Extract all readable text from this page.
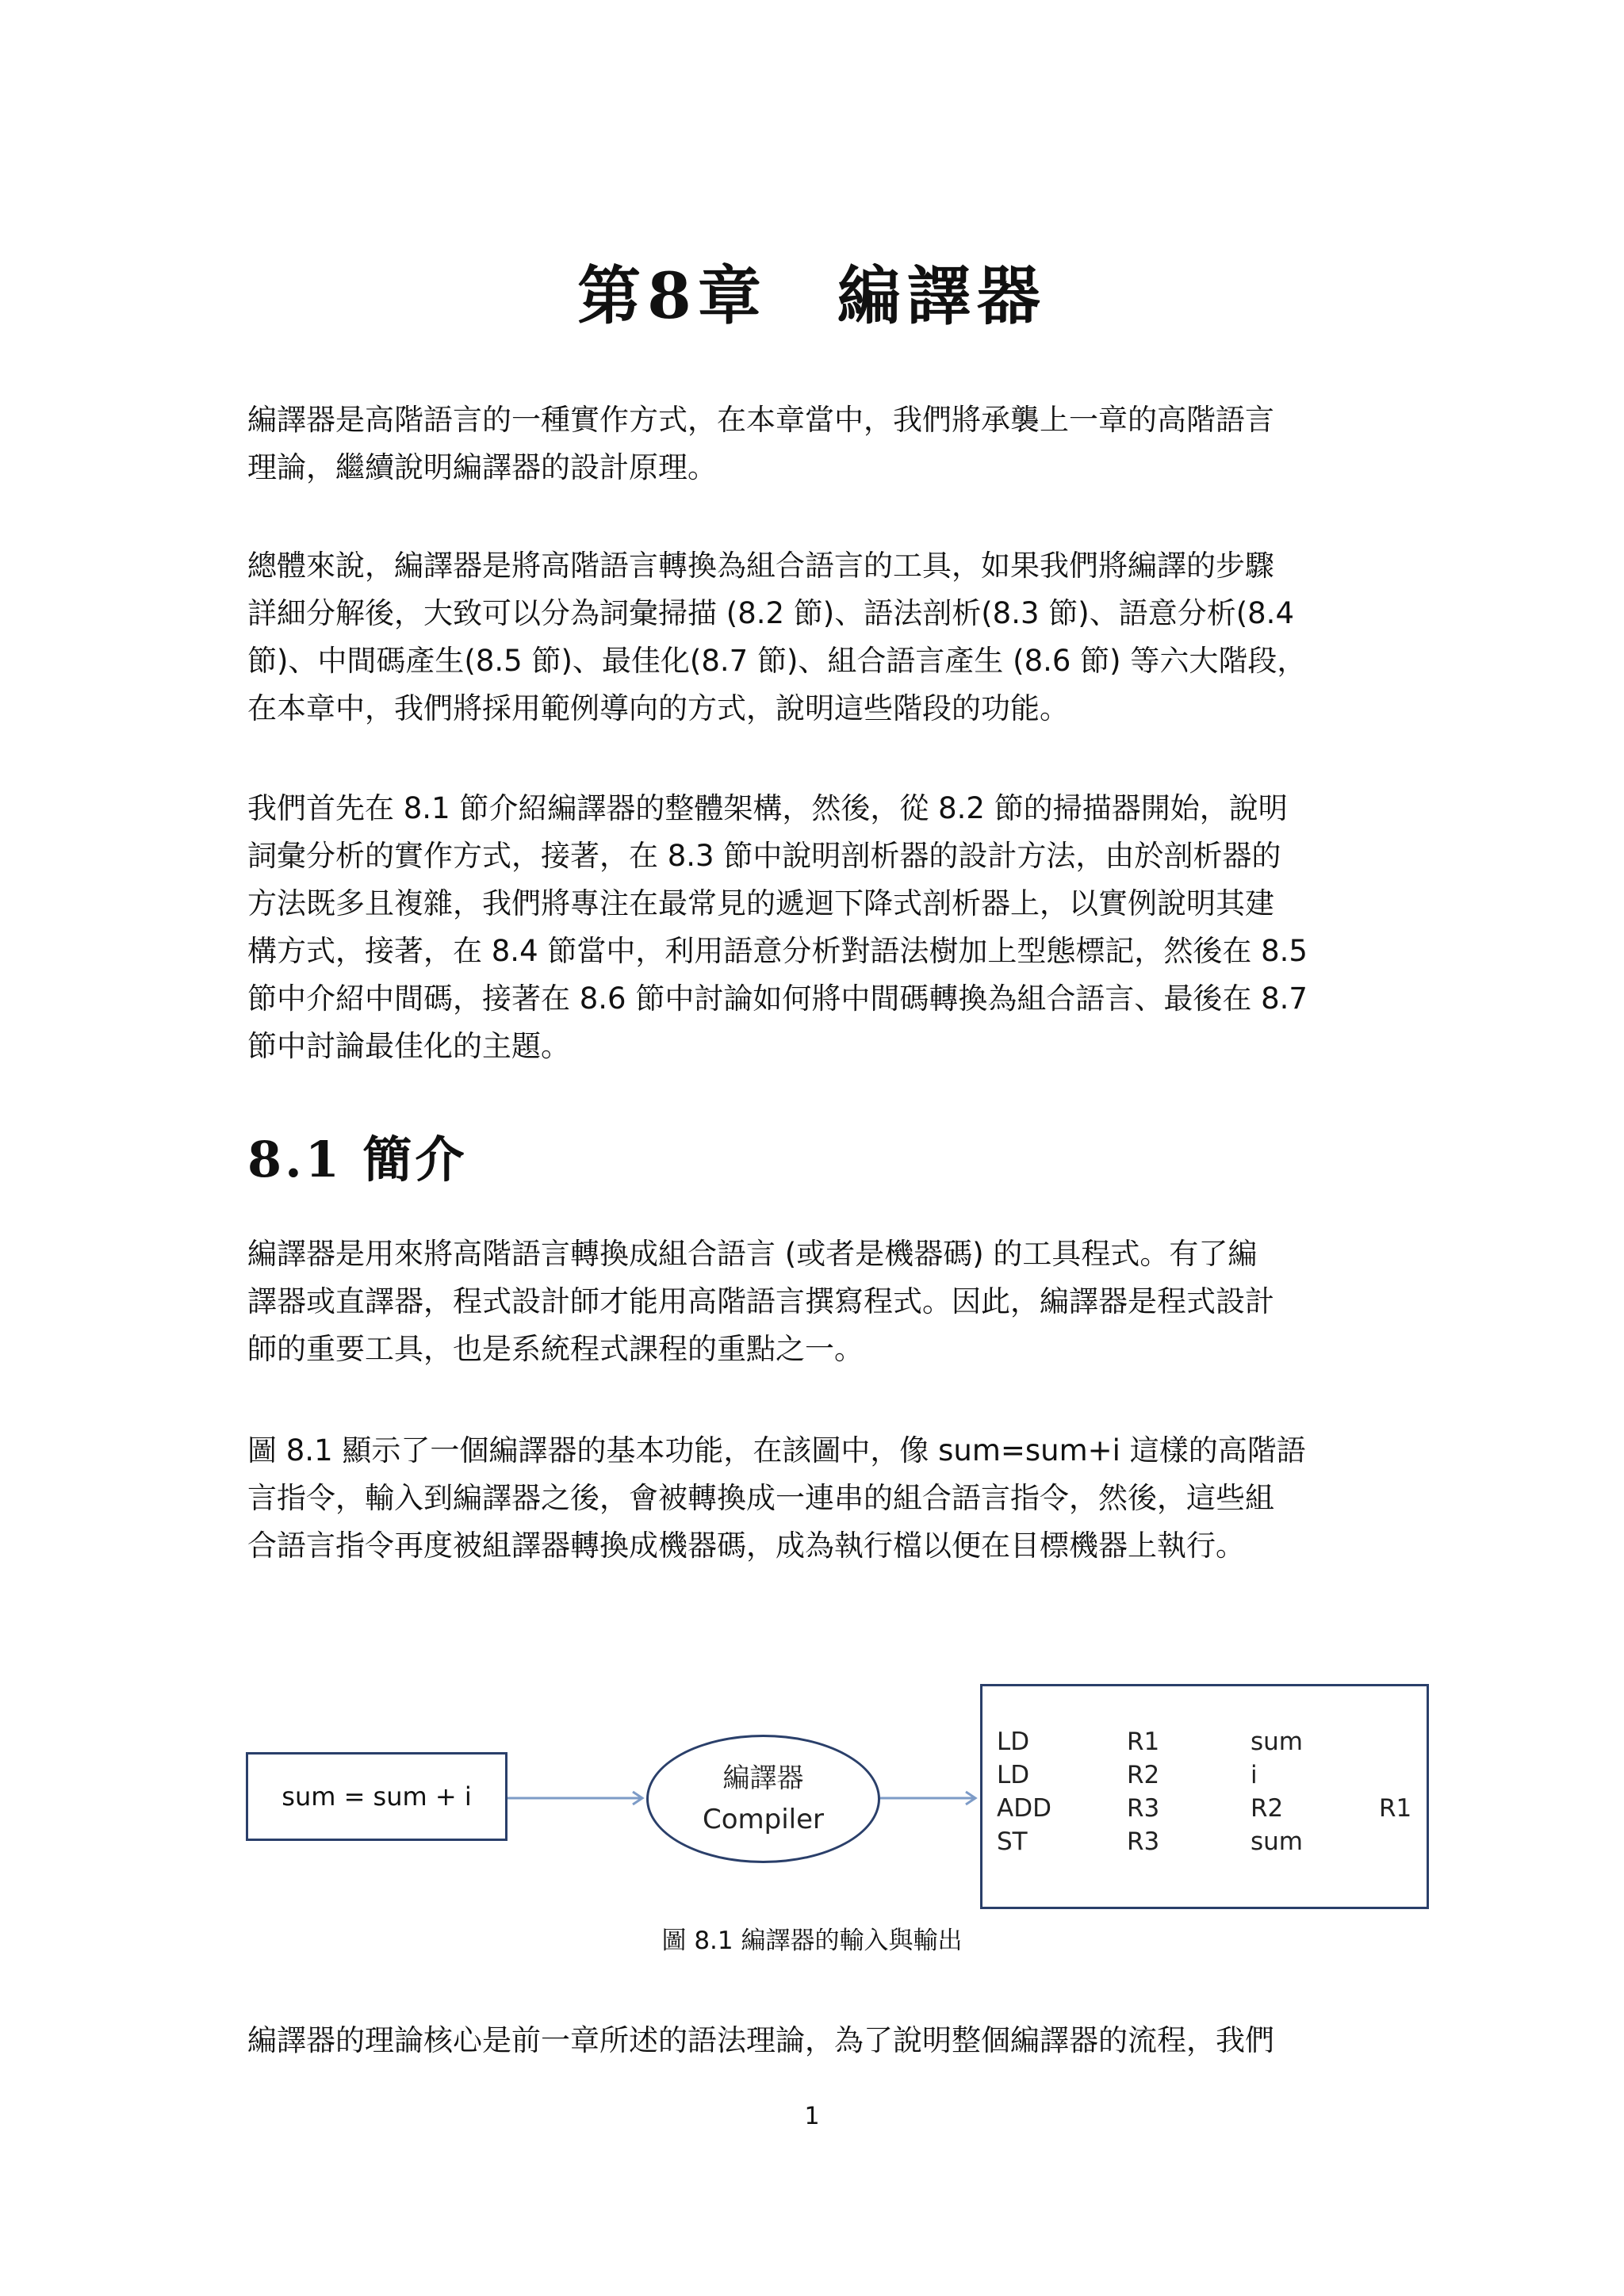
第8章　編譯器
編譯器是高階語言的一種實作方式，在本章當中，我們將承襲上一章的高階語言
理論，繼續說明編譯器的設計原理。
總體來說，編譯器是將高階語言轉換為組合語言的工具，如果我們將編譯的步驟
詳細分解後，大致可以分為詞彙掃描 (8.2 節)、語法剖析(8.3 節)、語意分析(8.4
節)、中間碼產生(8.5 節)、最佳化(8.7 節)、組合語言產生 (8.6 節) 等六大階段，
在本章中，我們將採用範例導向的方式，說明這些階段的功能。
我們首先在 8.1 節介紹編譯器的整體架構，然後，從 8.2 節的掃描器開始，說明
詞彙分析的實作方式，接著，在 8.3 節中說明剖析器的設計方法，由於剖析器的
方法既多且複雜，我們將專注在最常見的遞迴下降式剖析器上，以實例說明其建
構方式，接著，在 8.4 節當中，利用語意分析對語法樹加上型態標記，然後在 8.5
節中介紹中間碼，接著在 8.6 節中討論如何將中間碼轉換為組合語言、最後在 8.7
節中討論最佳化的主題。
8.1 簡介
編譯器是用來將高階語言轉換成組合語言 (或者是機器碼) 的工具程式。有了編
譯器或直譯器，程式設計師才能用高階語言撰寫程式。因此，編譯器是程式設計
師的重要工具，也是系統程式課程的重點之一。
圖 8.1 顯示了一個編譯器的基本功能，在該圖中，像 sum=sum+i 這樣的高階語
言指令，輸入到編譯器之後，會被轉換成一連串的組合語言指令，然後，這些組
合語言指令再度被組譯器轉換成機器碼，成為執行檔以便在目標機器上執行。
sum = sum + i
編譯器
Compiler
LD	R1	sum
LD	R2	i
ADD	R3	R2	R1
ST	R3	sum
圖 8.1 編譯器的輸入與輸出
編譯器的理論核心是前一章所述的語法理論，為了說明整個編譯器的流程，我們
1
